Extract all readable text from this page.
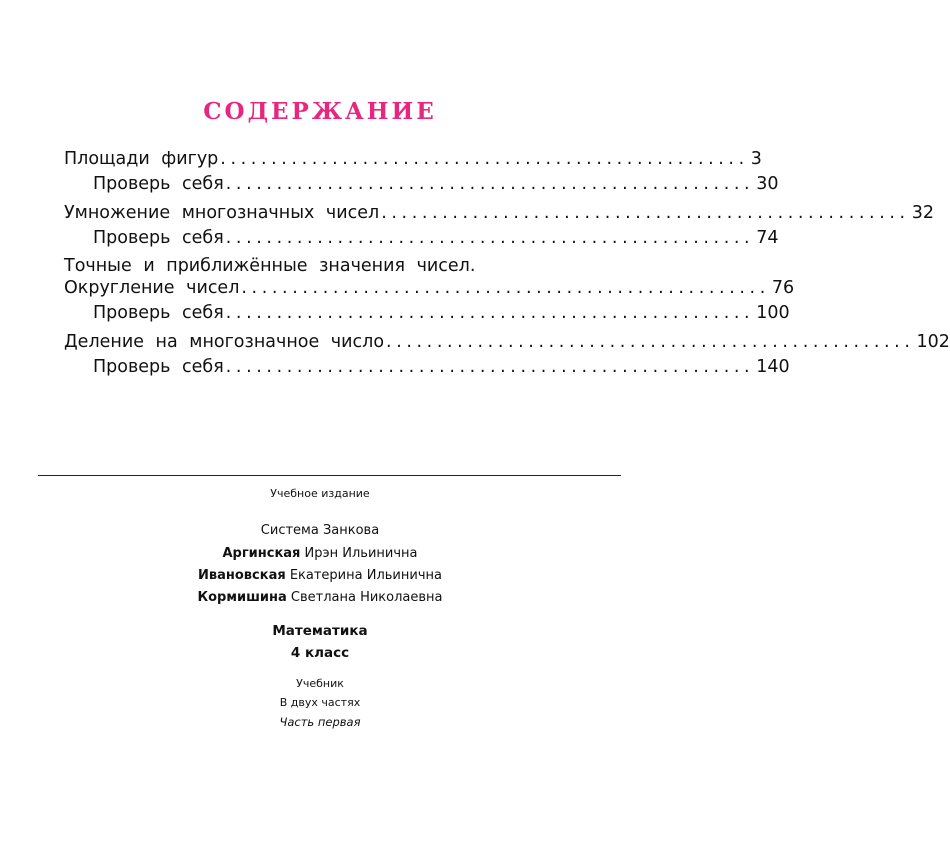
СОДЕРЖАНИЕ
Площади фигур .................................................... 3
Проверь себя .................................................... 30
Умножение многозначных чисел .................................................... 32
Проверь себя .................................................... 74
Точные и приближённые значения чисел.
Округление чисел .................................................... 76
Проверь себя .................................................... 100
Деление на многозначное число .................................................... 102
Проверь себя .................................................... 140
Учебное издание
Система Занкова
Аргинская Ирэн Ильинична
Ивановская Екатерина Ильинична
Кормишина Светлана Николаевна
Математика
4 класс
Учебник
В двух частях
Часть первая
